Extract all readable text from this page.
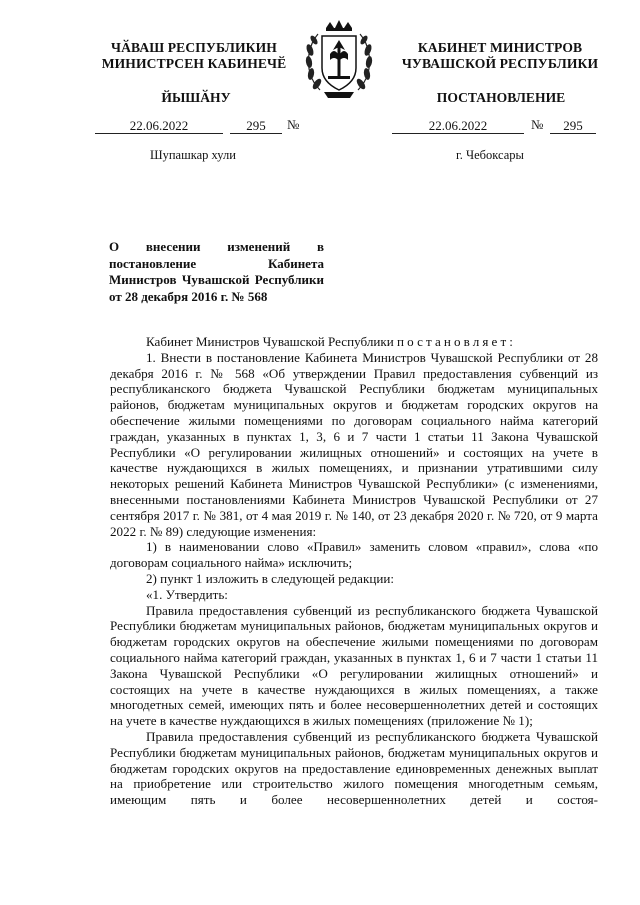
ЧӐВАШ РЕСПУБЛИКИН
МИНИСТРСЕН КАБИНЕЧӖ
КАБИНЕТ МИНИСТРОВ
ЧУВАШСКОЙ РЕСПУБЛИКИ
ЙЫШӐНУ	ПОСТАНОВЛЕНИЕ
22.06.2022	295	№	22.06.2022	№	295
Шупашкар хули	г. Чебоксары
О внесении изменений в постановление Кабинета Министров Чувашской Республики от 28 декабря 2016 г. № 568

Кабинет Министров Чувашской Республики постановляет:

1. Внести в постановление Кабинета Министров Чувашской Республики от 28 декабря 2016 г. № 568 «Об утверждении Правил предоставления субвенций из республиканского бюджета Чувашской Республики бюджетам муниципальных районов, бюджетам муниципальных округов и бюджетам городских округов на обеспечение жилыми помещениями по договорам социального найма категорий граждан, указанных в пунктах 1, 3, 6 и 7 части 1 статьи 11 Закона Чувашской Республики «О регулировании жилищных отношений» и состоящих на учете в качестве нуждающихся в жилых помещениях, и признании утратившими силу некоторых решений Кабинета Министров Чувашской Республики» (с изменениями, внесенными постановлениями Кабинета Министров Чувашской Республики от 27 сентября 2017 г. № 381, от 4 мая 2019 г. № 140, от 23 декабря 2020 г. № 720, от 9 марта 2022 г. № 89) следующие изменения:

1) в наименовании слово «Правил» заменить словом «правил», слова «по договорам социального найма» исключить;

2) пункт 1 изложить в следующей редакции:

«1. Утвердить:

Правила предоставления субвенций из республиканского бюджета Чувашской Республики бюджетам муниципальных районов, бюджетам муниципальных округов и бюджетам городских округов на обеспечение жилыми помещениями по договорам социального найма категорий граждан, указанных в пунктах 1, 6 и 7 части 1 статьи 11 Закона Чувашской Республики «О регулировании жилищных отношений» и состоящих на учете в качестве нуждающихся в жилых помещениях, а также многодетных семей, имеющих пять и более несовершеннолетних детей и состоящих на учете в качестве нуждающихся в жилых помещениях (приложение № 1);

Правила предоставления субвенций из республиканского бюджета Чувашской Республики бюджетам муниципальных районов, бюджетам муниципальных округов и бюджетам городских округов на предоставление единовременных денежных выплат на приобретение или строительство жилого помещения многодетным семьям, имеющим пять и более несовершеннолетних детей и состоя-
